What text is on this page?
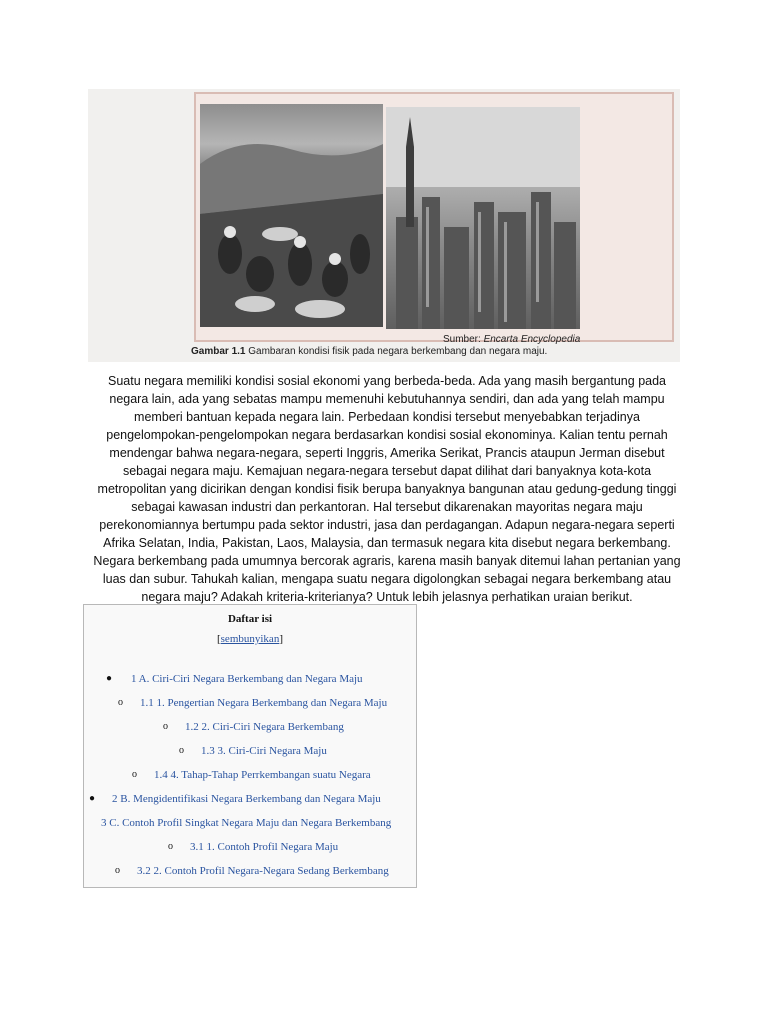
Sumber: Encarta Encyclopedia
Gambar 1.1 Gambaran kondisi fisik pada negara berkembang dan negara maju.
Suatu negara memiliki kondisi sosial ekonomi yang berbeda-beda. Ada yang masih bergantung pada negara lain, ada yang sebatas mampu memenuhi kebutuhannya sendiri, dan ada yang telah mampu memberi bantuan kepada negara lain. Perbedaan kondisi tersebut menyebabkan terjadinya pengelompokan-pengelompokan negara berdasarkan kondisi sosial ekonominya. Kalian tentu pernah mendengar bahwa negara-negara, seperti Inggris, Amerika Serikat, Prancis ataupun Jerman disebut sebagai negara maju. Kemajuan negara-negara tersebut dapat dilihat dari banyaknya kota-kota metropolitan yang dicirikan dengan kondisi fisik berupa banyaknya bangunan atau gedung-gedung tinggi sebagai kawasan industri dan perkantoran. Hal tersebut dikarenakan mayoritas negara maju perekonomiannya bertumpu pada sektor industri, jasa dan perdagangan. Adapun negara-negara seperti Afrika Selatan, India, Pakistan, Laos, Malaysia, dan termasuk negara kita disebut negara berkembang. Negara berkembang pada umumnya bercorak agraris, karena masih banyak ditemui lahan pertanian yang luas dan subur. Tahukah kalian, mengapa suatu negara digolongkan sebagai negara berkembang atau negara maju? Adakah kriteria-kriterianya? Untuk lebih jelasnya perhatikan uraian berikut.
Daftar isi
[sembunyikan]
● 1 A. Ciri-Ciri Negara Berkembang dan Negara Maju
o 1.1 1. Pengertian Negara Berkembang dan Negara Maju
o 1.2 2. Ciri-Ciri Negara Berkembang
o 1.3 3. Ciri-Ciri Negara Maju
o 1.4 4. Tahap-Tahap Perrkembangan suatu Negara
● 2 B. Mengidentifikasi Negara Berkembang dan Negara Maju
3 C. Contoh Profil Singkat Negara Maju dan Negara Berkembang
o 3.1 1. Contoh Profil Negara Maju
o 3.2 2. Contoh Profil Negara-Negara Sedang Berkembang
